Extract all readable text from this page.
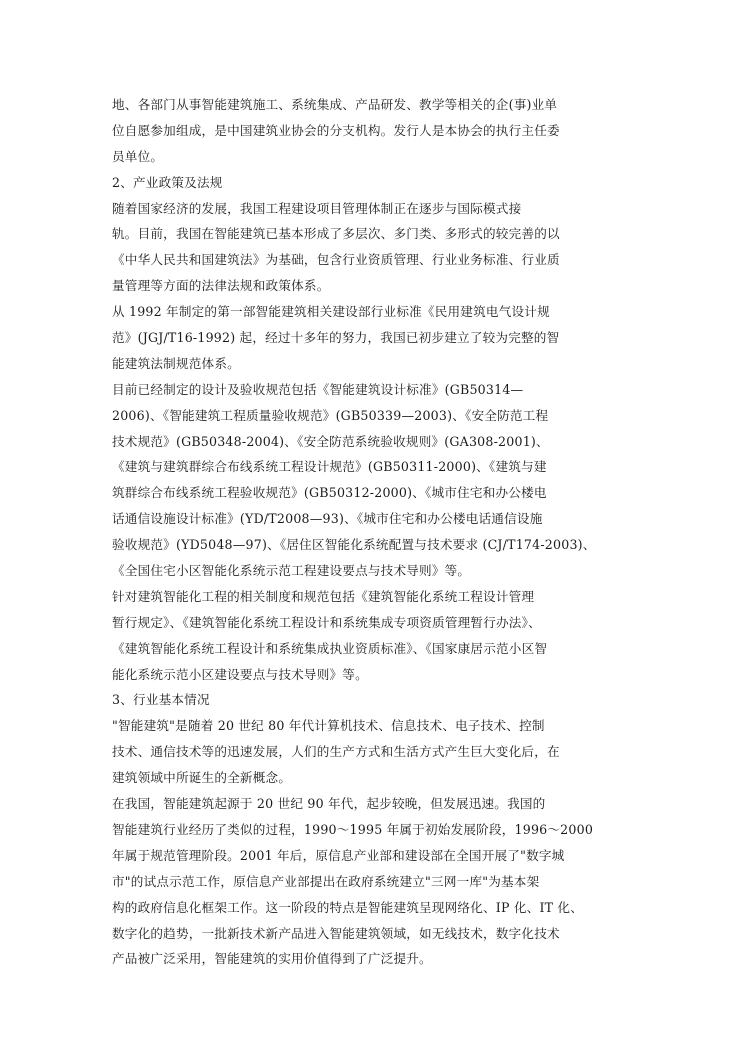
地、各部门从事智能建筑施工、系统集成、产品研发、教学等相关的企(事)业单
位自愿参加组成，是中国建筑业协会的分支机构。发行人是本协会的执行主任委
员单位。
2、产业政策及法规
随着国家经济的发展，我国工程建设项目管理体制正在逐步与国际模式接
轨。目前，我国在智能建筑已基本形成了多层次、多门类、多形式的较完善的以
《中华人民共和国建筑法》为基础，包含行业资质管理、行业业务标准、行业质
量管理等方面的法律法规和政策体系。
从 1992 年制定的第一部智能建筑相关建设部行业标准《民用建筑电气设计规
范》(JGJ/T16-1992) 起，经过十多年的努力，我国已初步建立了较为完整的智
能建筑法制规范体系。
目前已经制定的设计及验收规范包括《智能建筑设计标准》(GB50314—
2006)、《智能建筑工程质量验收规范》(GB50339—2003)、《安全防范工程
技术规范》(GB50348-2004)、《安全防范系统验收规则》(GA308-2001)、
《建筑与建筑群综合布线系统工程设计规范》(GB50311-2000)、《建筑与建
筑群综合布线系统工程验收规范》(GB50312-2000)、《城市住宅和办公楼电
话通信设施设计标准》(YD/T2008—93)、《城市住宅和办公楼电话通信设施
验收规范》(YD5048—97)、《居住区智能化系统配置与技术要求 (CJ/T174-2003)、
《全国住宅小区智能化系统示范工程建设要点与技术导则》等。
针对建筑智能化工程的相关制度和规范包括《建筑智能化系统工程设计管理
暂行规定》、《建筑智能化系统工程设计和系统集成专项资质管理暂行办法》、
《建筑智能化系统工程设计和系统集成执业资质标准》、《国家康居示范小区智
能化系统示范小区建设要点与技术导则》等。
3、行业基本情况
"智能建筑"是随着 20 世纪 80 年代计算机技术、信息技术、电子技术、控制
技术、通信技术等的迅速发展，人们的生产方式和生活方式产生巨大变化后，在
建筑领域中所诞生的全新概念。
在我国，智能建筑起源于 20 世纪 90 年代，起步较晚，但发展迅速。我国的
智能建筑行业经历了类似的过程，1990～1995 年属于初始发展阶段，1996～2000
年属于规范管理阶段。2001 年后，原信息产业部和建设部在全国开展了"数字城
市"的试点示范工作，原信息产业部提出在政府系统建立"三网一库"为基本架
构的政府信息化框架工作。这一阶段的特点是智能建筑呈现网络化、IP 化、IT 化、
数字化的趋势，一批新技术新产品进入智能建筑领域，如无线技术，数字化技术
产品被广泛采用，智能建筑的实用价值得到了广泛提升。
